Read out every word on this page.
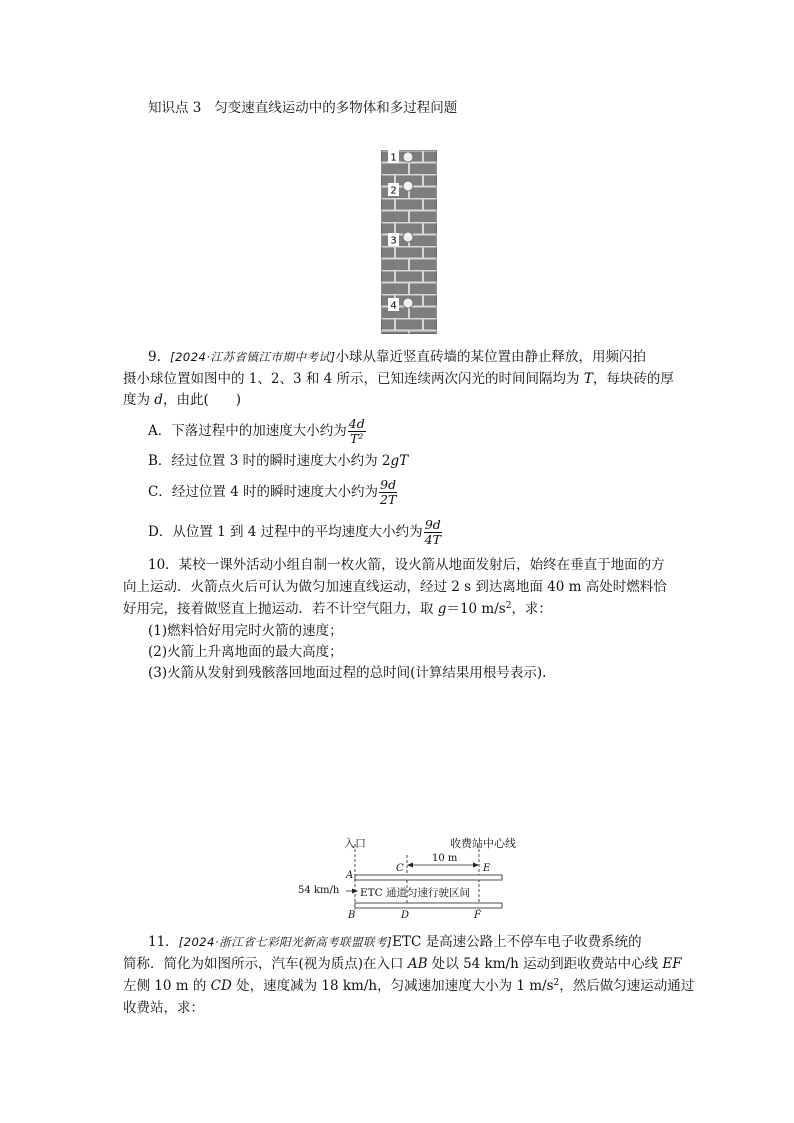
知识点 3 匀变速直线运动中的多物体和多过程问题
1
2
3
4
9．[2024·江苏省镇江市期中考试]小球从靠近竖直砖墙的某位置由静止释放，用频闪拍
摄小球位置如图中的 1、2、3 和 4 所示，已知连续两次闪光的时间间隔均为 T，每块砖的厚
度为 d，由此(　　)
A．下落过程中的加速度大小约为 $\frac{4d}{\text{T²}}$
B．经过位置 3 时的瞬时速度大小约为 2gT
C．经过位置 4 时的瞬时速度大小约为 $\frac{9d}{2T}$
D．从位置 1 到 4 过程中的平均速度大小约为 $\frac{9d}{4T}$
10．某校一课外活动小组自制一枚火箭，设火箭从地面发射后，始终在垂直于地面的方
向上运动．火箭点火后可认为做匀加速直线运动，经过 2 s 到达离地面 40 m 高处时燃料恰
好用完，接着做竖直上抛运动．若不计空气阻力，取 g＝10 $m/s^2$，求：
(1)燃料恰好用完时火箭的速度；
(2)火箭上升离地面的最大高度；
(3)火箭从发射到残骸落回地面过程的总时间(计算结果用根号表示).
入口	收费站中心线
10 m
C
A
E
54 km/h ETC 通道匀速行驶区间
B	D	F
11．[2024·浙江省七彩阳光新高考联盟联考]ETC 是高速公路上不停车电子收费系统的
简称．简化为如图所示，汽车(视为质点)在入口 AB 处以 54 km/h 运动到距收费站中心线 EF
左侧 10 m 的 CD 处，速度减为 18 km/h，匀减速加速度大小为 1 $m/s^2$，然后做匀速运动通过
收费站，求：
